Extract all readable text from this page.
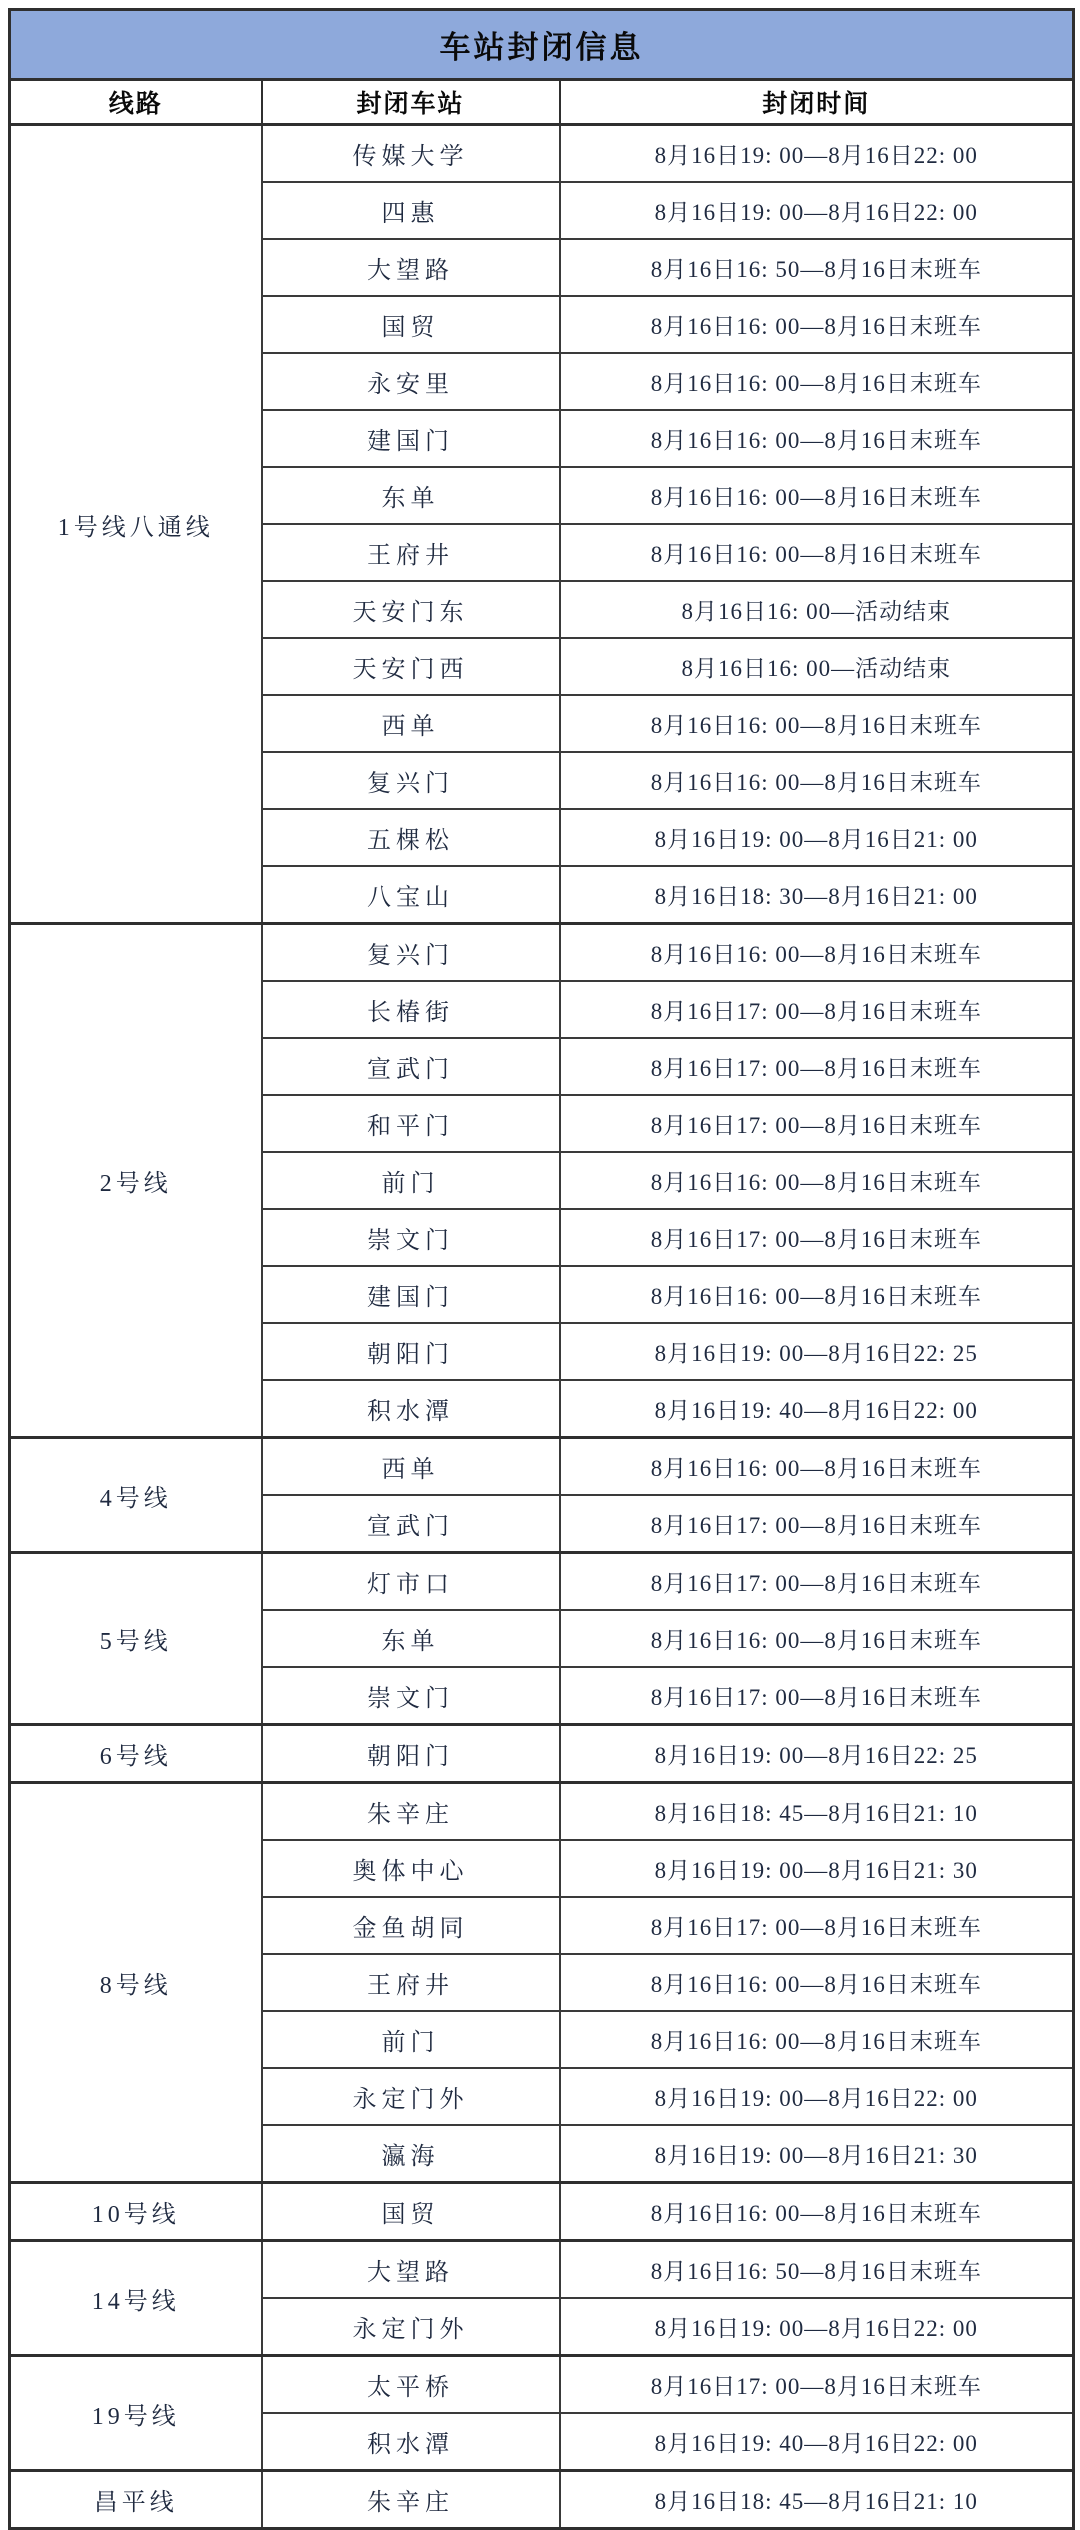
车站封闭信息		
线路	封闭车站	封闭时间
1号线八通线	传媒大学	8月16日19: 00—8月16日22: 00
	四惠	8月16日19: 00—8月16日22: 00
	大望路	8月16日16: 50—8月16日末班车
	国贸	8月16日16: 00—8月16日末班车
	永安里	8月16日16: 00—8月16日末班车
	建国门	8月16日16: 00—8月16日末班车
	东单	8月16日16: 00—8月16日末班车
	王府井	8月16日16: 00—8月16日末班车
	天安门东	8月16日16: 00—活动结束
	天安门西	8月16日16: 00—活动结束
	西单	8月16日16: 00—8月16日末班车
	复兴门	8月16日16: 00—8月16日末班车
	五棵松	8月16日19: 00—8月16日21: 00
	八宝山	8月16日18: 30—8月16日21: 00
2号线	复兴门	8月16日16: 00—8月16日末班车
	长椿街	8月16日17: 00—8月16日末班车
	宣武门	8月16日17: 00—8月16日末班车
	和平门	8月16日17: 00—8月16日末班车
	前门	8月16日16: 00—8月16日末班车
	崇文门	8月16日17: 00—8月16日末班车
	建国门	8月16日16: 00—8月16日末班车
	朝阳门	8月16日19: 00—8月16日22: 25
	积水潭	8月16日19: 40—8月16日22: 00
4号线	西单	8月16日16: 00—8月16日末班车
	宣武门	8月16日17: 00—8月16日末班车
5号线	灯市口	8月16日17: 00—8月16日末班车
	东单	8月16日16: 00—8月16日末班车
	崇文门	8月16日17: 00—8月16日末班车
6号线	朝阳门	8月16日19: 00—8月16日22: 25
8号线	朱辛庄	8月16日18: 45—8月16日21: 10
	奥体中心	8月16日19: 00—8月16日21: 30
	金鱼胡同	8月16日17: 00—8月16日末班车
	王府井	8月16日16: 00—8月16日末班车
	前门	8月16日16: 00—8月16日末班车
	永定门外	8月16日19: 00—8月16日22: 00
	瀛海	8月16日19: 00—8月16日21: 30
10号线	国贸	8月16日16: 00—8月16日末班车
14号线	大望路	8月16日16: 50—8月16日末班车
	永定门外	8月16日19: 00—8月16日22: 00
19号线	太平桥	8月16日17: 00—8月16日末班车
	积水潭	8月16日19: 40—8月16日22: 00
昌平线	朱辛庄	8月16日18: 45—8月16日21: 10
